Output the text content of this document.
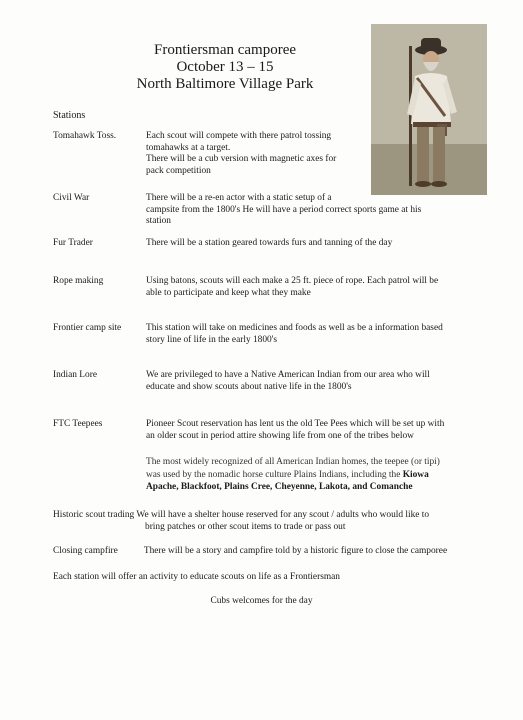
Frontiersman camporee
October 13 – 15
North Baltimore Village Park
Stations
Tomahawk Toss.	Each scout will compete with there patrol tossing
tomahawks at a target.
There will be a cub version with magnetic axes for
pack competition
Civil War	There will be a re-en actor with a static setup of a
campsite from the 1800's He will have a period correct sports game at his
station
Fur Trader	There will be a station geared towards furs and tanning of the day
Rope making	Using batons, scouts will each make a 25 ft. piece of rope. Each patrol will be
able to participate and keep what they make
Frontier camp site	This station will take on medicines and foods as well as be a information based
story line of life in the early 1800's
Indian Lore	We are privileged to have a Native American Indian from our area who will
educate and show scouts about native life in the 1800's
FTC Teepees	Pioneer Scout reservation has lent us the old Tee Pees which will be set up with
an older scout in period attire showing life from one of the tribes below
The most widely recognized of all American Indian homes, the teepee (or tipi)
was used by the nomadic horse culture Plains Indians, including the Kiowa
Apache, Blackfoot, Plains Cree, Cheyenne, Lakota, and Comanche
Historic scout trading We will have a shelter house reserved for any scout / adults who would like to
bring patches or other scout items to trade or pass out
Closing campfire	There will be a story and campfire told by a historic figure to close the camporee
Each station will offer an activity to educate scouts on life as a Frontiersman
Cubs welcomes for the day
